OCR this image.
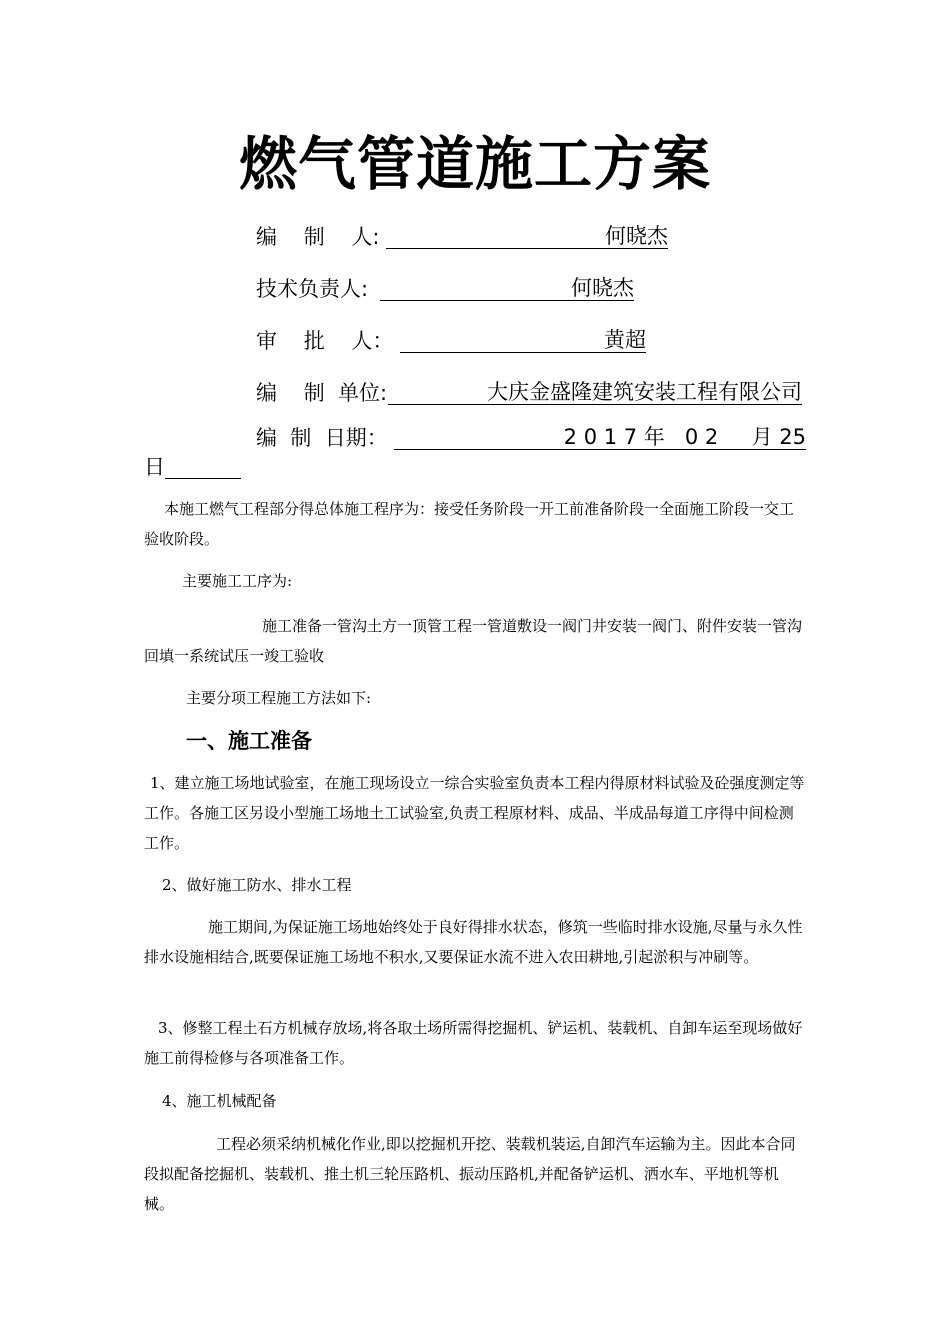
燃气管道施工方案
编    制    人:	何晓杰
技术负责人:	何晓杰
审    批    人：	黄超
编    制  单位:	大庆金盛隆建筑安装工程有限公司
编  制  日期：	2 0 1 7 年   0 2     月 25
日
本施工燃气工程部分得总体施工程序为：接受任务阶段一开工前准备阶段一全面施工阶段一交工验收阶段。
主要施工工序为:
施工准备一管沟土方一顶管工程一管道敷设一阀门井安装一阀门、附件安装一管沟回填一系统试压一竣工验收
主要分项工程施工方法如下:
一、施工准备
1、建立施工场地试验室，在施工现场设立一综合实验室负责本工程内得原材料试验及砼强度测定等工作。各施工区另设小型施工场地土工试验室,负责工程原材料、成品、半成品每道工序得中间检测工作。
2、做好施工防水、排水工程
施工期间,为保证施工场地始终处于良好得排水状态，修筑一些临时排水设施,尽量与永久性排水设施相结合,既要保证施工场地不积水,又要保证水流不进入农田耕地,引起淤积与冲刷等。
3、修整工程土石方机械存放场,将各取土场所需得挖掘机、铲运机、装载机、自卸车运至现场做好施工前得检修与各项准备工作。
4、施工机械配备
工程必须采纳机械化作业,即以挖掘机开挖、装载机装运,自卸汽车运输为主。因此本合同段拟配备挖掘机、装载机、推土机三轮压路机、振动压路机,并配备铲运机、洒水车、平地机等机械。
